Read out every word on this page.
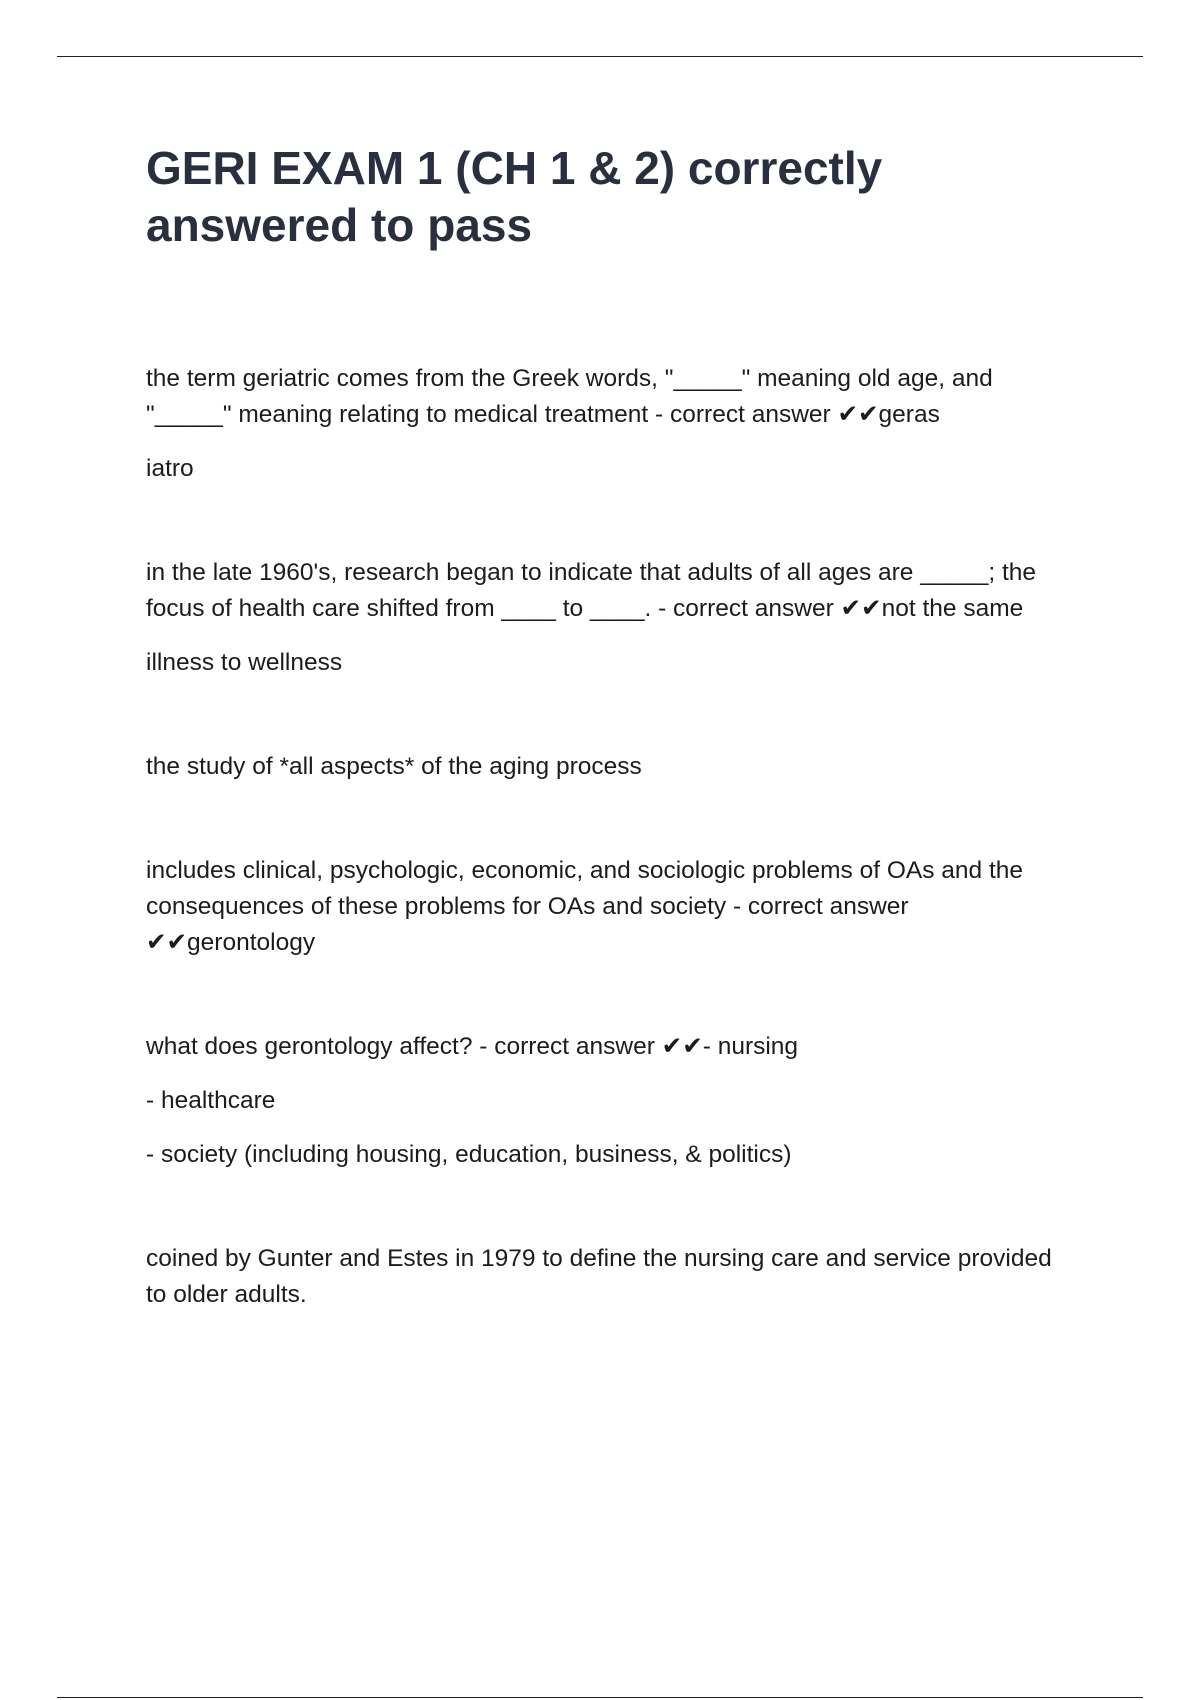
GERI EXAM 1 (CH 1 & 2) correctly answered to pass

the term geriatric comes from the Greek words, "_____" meaning old age, and "_____" meaning relating to medical treatment - correct answer ✔✔geras

iatro

in the late 1960's, research began to indicate that adults of all ages are _____; the focus of health care shifted from ____ to ____. - correct answer ✔✔not the same

illness to wellness

the study of *all aspects* of the aging process

includes clinical, psychologic, economic, and sociologic problems of OAs and the consequences of these problems for OAs and society - correct answer ✔✔gerontology

what does gerontology affect? - correct answer ✔✔- nursing

- healthcare

- society (including housing, education, business, & politics)

coined by Gunter and Estes in 1979 to define the nursing care and service provided to older adults.
